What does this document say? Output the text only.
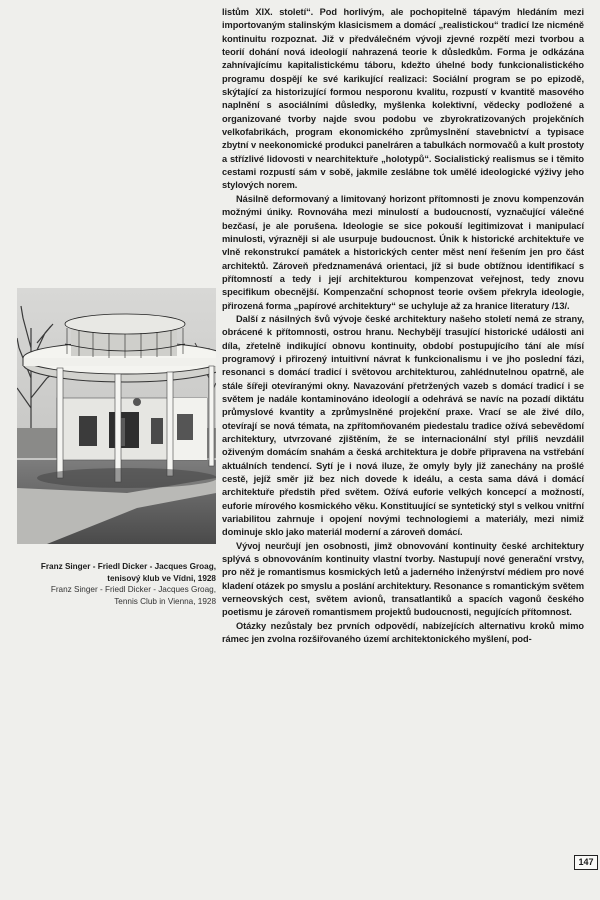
listům XIX. století“. Pod horlivým, ale pochopitelně tápavým hledáním mezi importovaným stalinským klasicismem a domácí „realistickou“ tradicí lze nicméně kontinuitu rozpoznat. Již v předválečném vývoji zjevné rozpětí mezi tvorbou a teorií dohání nová ideologií nahrazená teorie k důsledkům. Forma je odkázána zahnívajícímu kapitalistickému táboru, kdežto úhelné body funkcionalistického programu dospějí ke své karikující realizaci: Sociální program se po epizodě, skýtající za historizující formou nesporonu kvalitu, rozpustí v kvantitě masového naplnění s asociálními důsledky, myšlenka kolektivní, vědecky podložené a organizované tvorby najde svou podobu ve zbyrokratizovaných projekčních velkofabrikách, program ekonomického zprůmyslnění stavebnictví a typisace zbytní v neekonomické produkci panelráren a tabulkách normovačů a kult prostoty a střízlivé lidovosti v nearchitektuře „holotypů“. Socialistický realismus se i těmito cestami rozpustí sám v sobě, jakmile zeslábne tok umělé ideologické výživy jeho stylových norem.

Násilně deformovaný a limitovaný horizont přítomnosti je znovu kompenzován možnými úniky. Rovnováha mezi minulostí a budoucností, vyznačující válečné bezčasí, je ale porušena. Ideologie se sice pokouší legitimizovat i manipulací minulosti, výrazněji si ale usurpuje budoucnost. Únik k historické architektuře ve vlně rekonstrukcí památek a historických center měst není řešením jen pro část architektů. Zároveň předznamenává orientaci, jíž si bude obtížnou identifikací s přítomností a tedy i její architekturou kompenzovat veřejnost, tedy znovu specifikum obecnější. Kompenzační schopnost teorie ovšem překryla ideologie, přirozená forma „papírové architektury“ se uchyluje až za hranice literatury /13/.

Další z násilných švů vývoje české architektury našeho století nemá ze strany, obrácené k přítomnosti, ostrou hranu. Nechybějí trasující historické události ani díla, zřetelně indikující obnovu kontinuity, období postupujícího tání ale mísí programový i přirozený intuitivní návrat k funkcionalismu i ve jho poslední fázi, resonanci s domácí tradicí i světovou architekturou, zahlédnutelnou opatrně, ale stále šířeji otevíranými okny. Navazování přetržených vazeb s domácí tradicí i se světem je nadále kontaminováno ideologií a odehrává se navíc na pozadí diktátu průmyslové kvantity a zprůmyslněné projekční praxe. Vrací se ale živé dílo, otevírají se nová témata, na zpřítomňovaném piedestalu tradice ožívá sebevědomí architektury, utvrzované zjištěním, že se internacionální styl příliš nevzdálil oživeným domácím snahám a česká architektura je dobře připravena na vstřebání aktuálních tendencí. Sytí je i nová iluze, že omyly byly již zanechány na prošlé cestě, jejíž směr již bez nich dovede k ideálu, a cesta sama dává i domácí architektuře předstih před světem. Ožívá euforie velkých koncepcí a možností, euforie mírového kosmického věku. Konstituující se syntetický styl s velkou vnitřní variabilitou zahrnuje i opojení novými technologiemi a materiály, mezi nimiž dominuje sklo jako materiál moderní a zároveň domácí.

Vývoj neurčují jen osobnosti, jimž obnovování kontinuity české architektury splývá s obnovováním kontinuity vlastní tvorby. Nastupují nové generační vrstvy, pro něž je romantismus kosmických letů a jaderného inženýrství médiem pro nové kladení otázek po smyslu a poslání architektury. Resonance s romantickým světem verneovských cest, světem avionů, transatlantiků a spacích vagonů českého poetismu je zároveň romantismem projektů budoucnosti, negujících přítomnost.

Otázky nezůstaly bez prvních odpovědí, nabízejících alternativu kroků mimo rámec jen zvolna rozšiřovaného území architektonického myšlení, pod-

Franz Singer - Friedl Dicker - Jacques Groag, tenisový klub ve Vídni, 1928
Franz Singer - Friedl Dicker - Jacques Groag, Tennis Club in Vienna, 1928
147
